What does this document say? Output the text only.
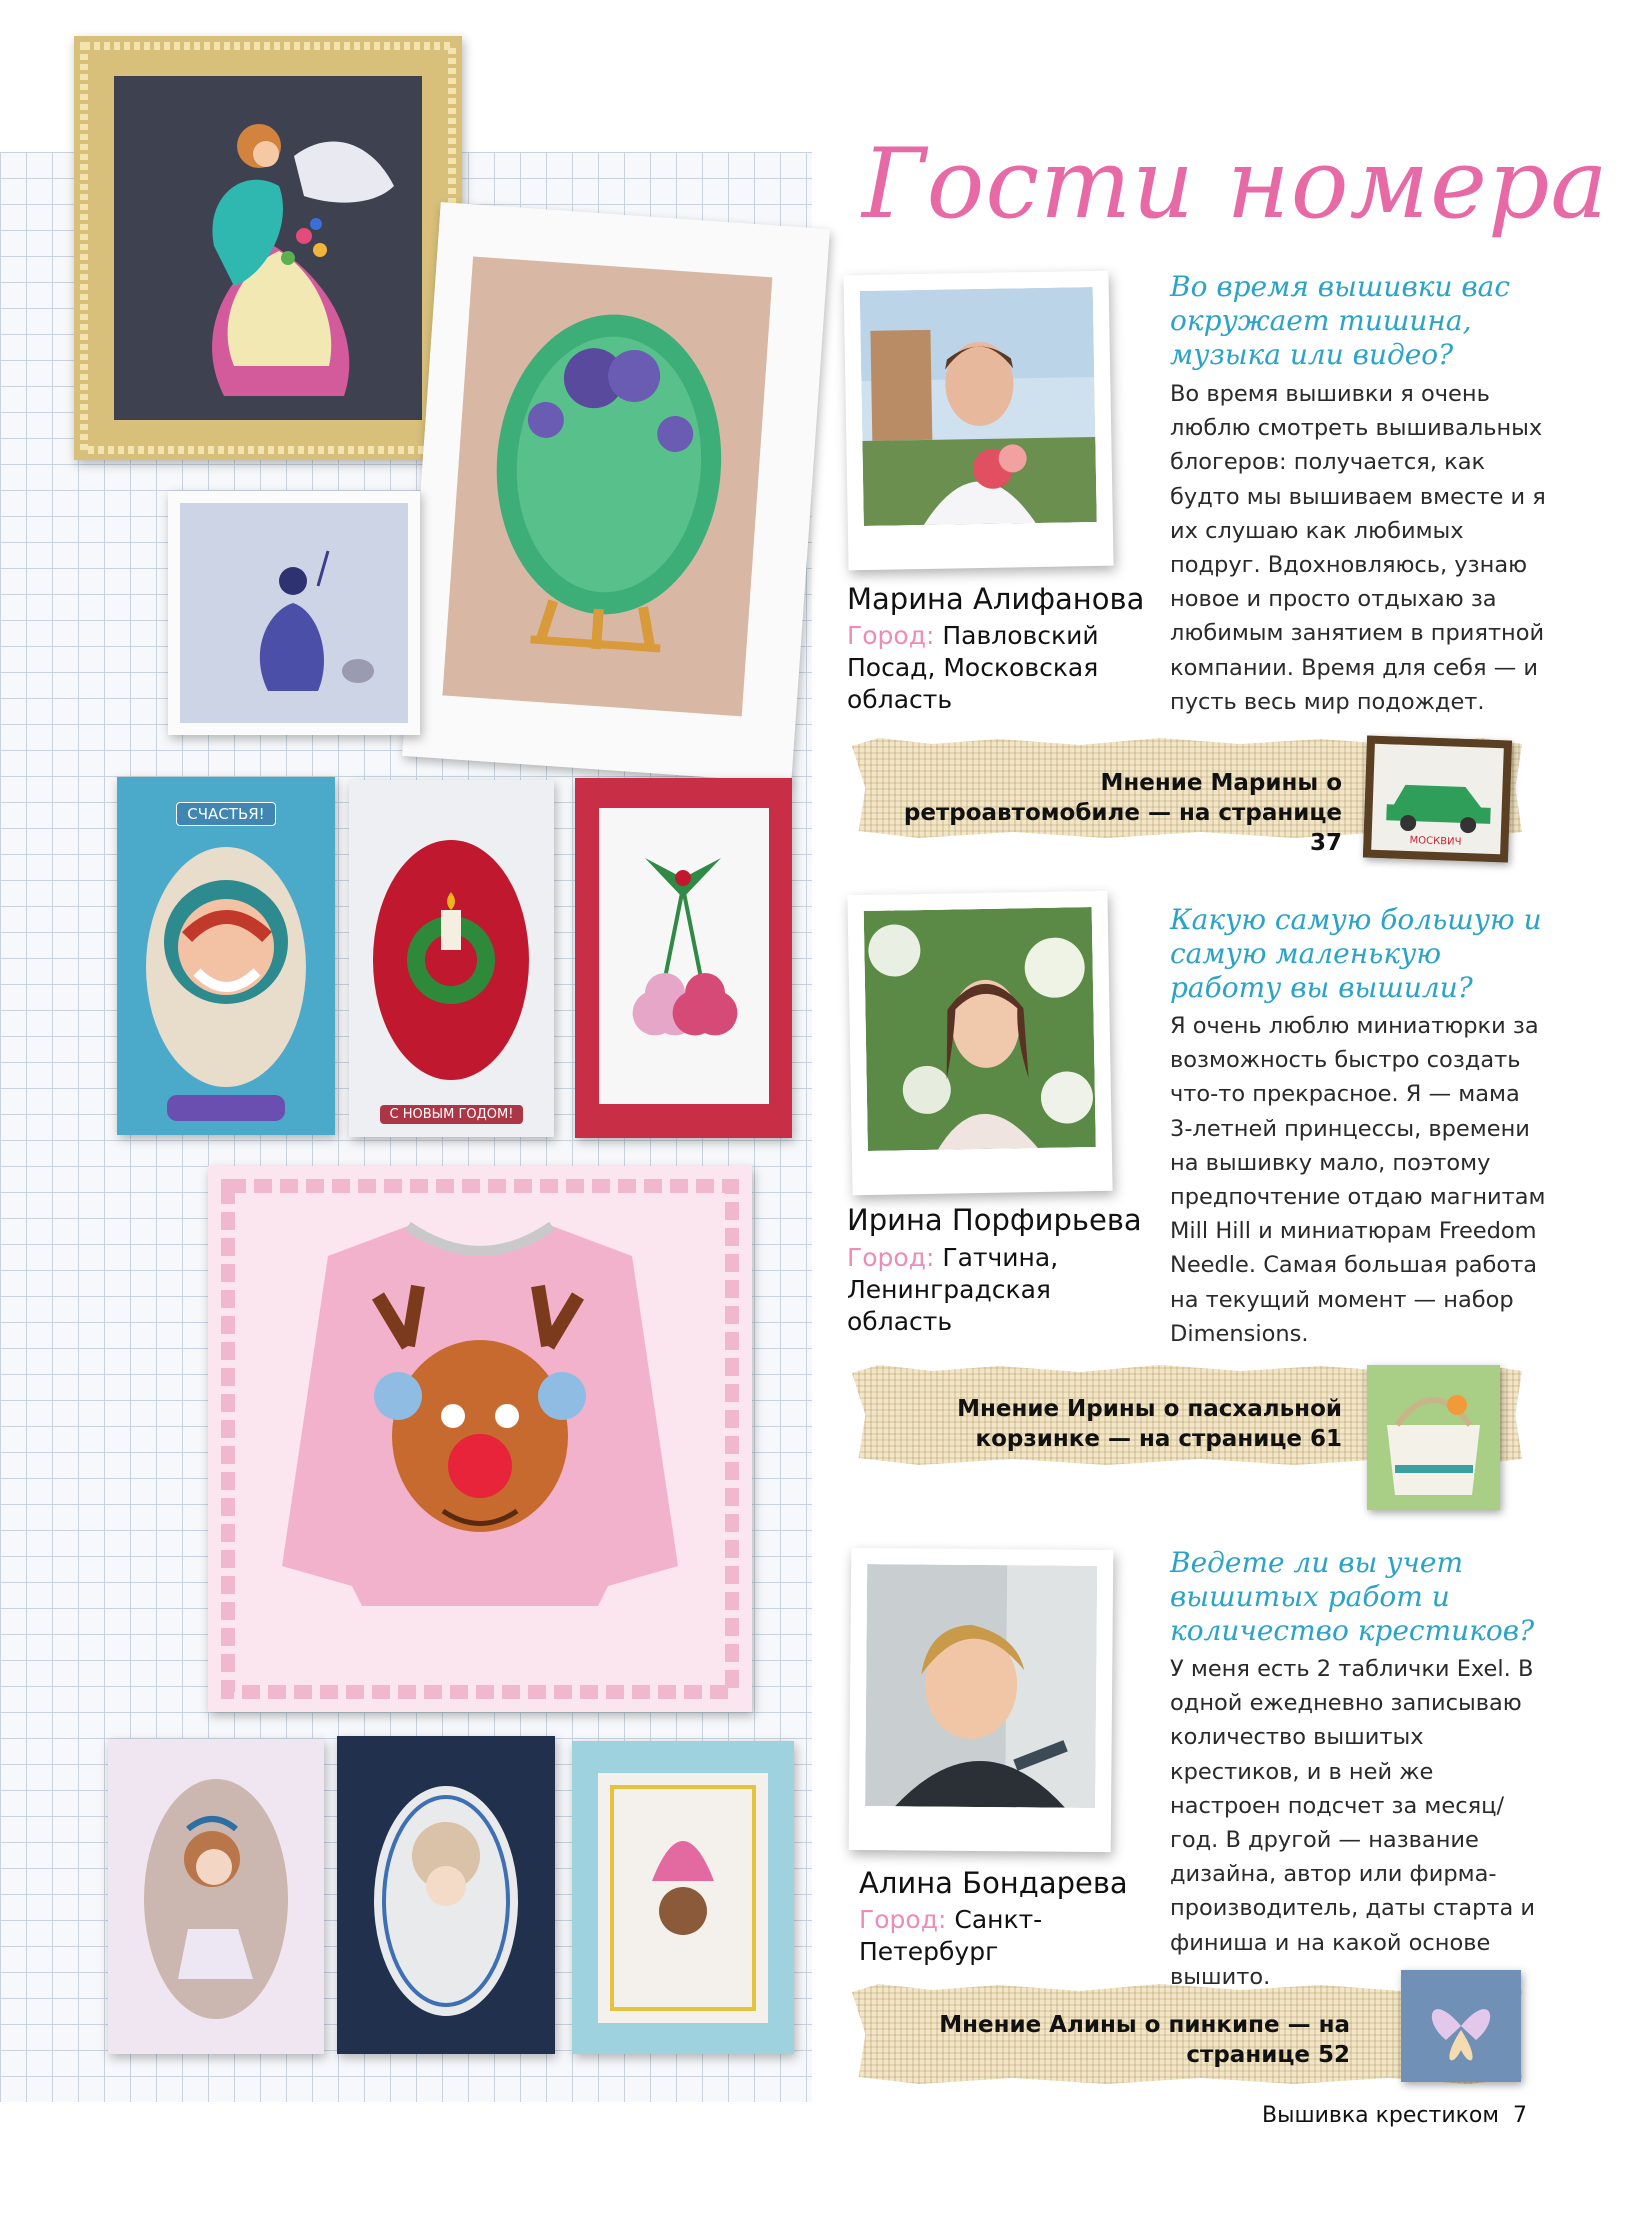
СЧАСТЬЯ!
С НОВЫМ ГОДОМ!
Гости номера
Марина Алифанова
Город: Павловский Посад, Московская область
Во время вышивки вас окружает тишина, музыка или видео?

Во время вышивки я очень люблю смотреть вышивальных блогеров: получается, как будто мы вышиваем вместе и я их слушаю как любимых подруг. Вдохновляюсь, узнаю новое и просто отдыхаю за любимым занятием в приятной компании. Время для себя — и пусть весь мир подождет.

Мнение Марины о ретроавтомобиле — на странице 37	МОСКВИЧ
Ирина Порфирьева
Город: Гатчина, Ленинградская область
Какую самую большую и самую маленькую работу вы вышили?

Я очень люблю миниатюрки за возможность быстро создать что-то прекрасное. Я — мама 3-летней принцессы, времени на вышивку мало, поэтому предпочтение отдаю магнитам Mill Hill и миниатюрам Freedom Needle. Самая большая работа на текущий момент — набор Dimensions.

Мнение Ирины о пасхальной корзинке — на странице 61
Алина Бондарева
Город: Санкт-Петербург
Ведете ли вы учет вышитых работ и количество крестиков?

У меня есть 2 таблички Exel. В одной ежедневно записываю количество вышитых крестиков, и в ней же настроен подсчет за месяц/год. В другой — название дизайна, автор или фирма-производитель, даты старта и финиша и на какой основе вышито.

Мнение Алины о пинкипе — на странице 52
Вышивка крестиком 7
